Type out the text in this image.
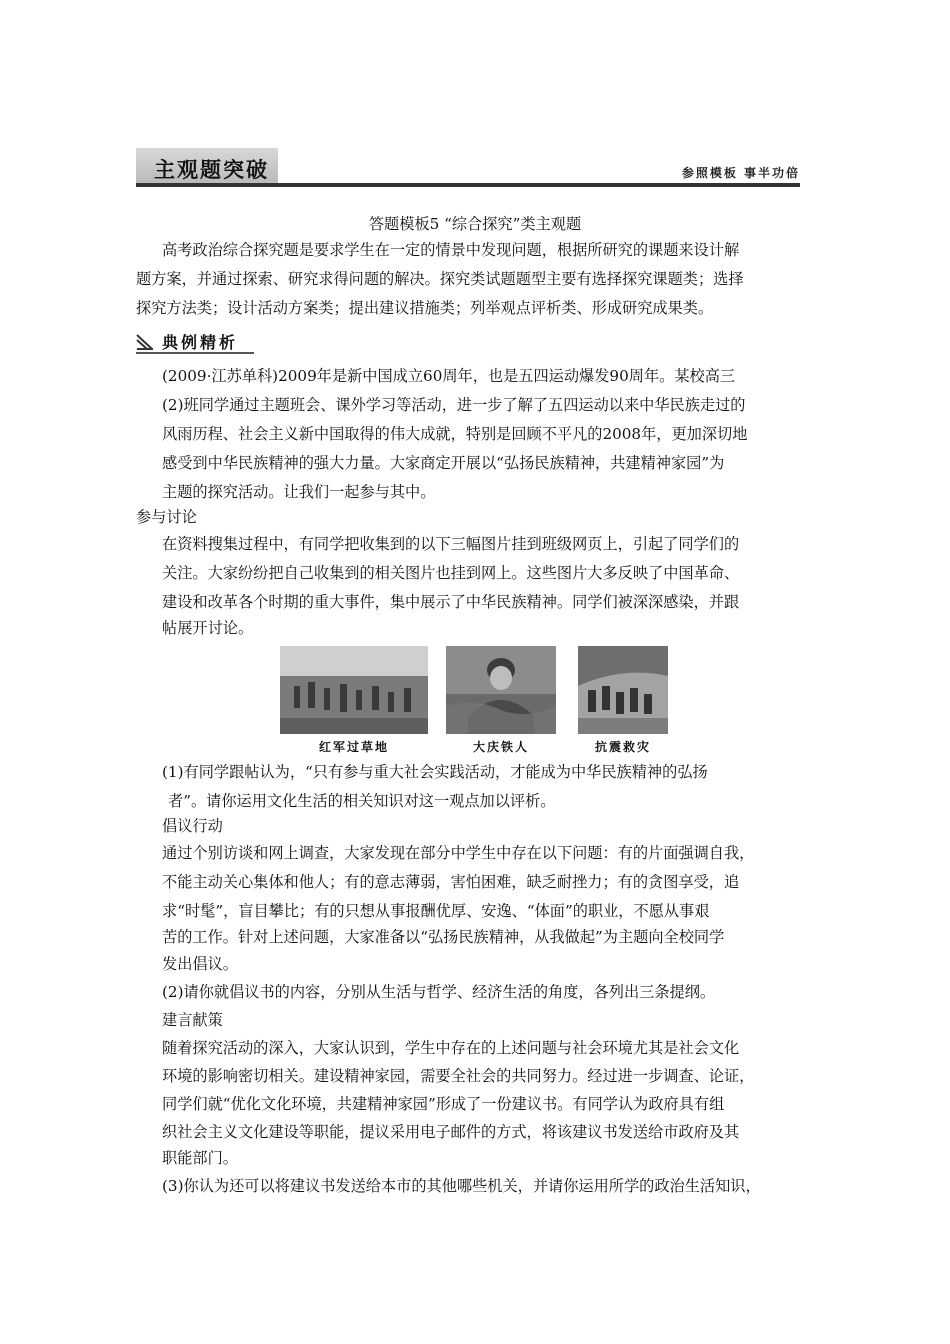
主观题突破	参照模板 事半功倍

答题模板5 “综合探究”类主观题

高考政治综合探究题是要求学生在一定的情景中发现问题，根据所研究的课题来设计解

题方案，并通过探索、研究求得问题的解决。探究类试题题型主要有选择探究课题类；选择

探究方法类；设计活动方案类；提出建议措施类；列举观点评析类、形成研究成果类。

典例精析

(2009·江苏单科)2009年是新中国成立60周年，也是五四运动爆发90周年。某校高三

(2)班同学通过主题班会、课外学习等活动，进一步了解了五四运动以来中华民族走过的

风雨历程、社会主义新中国取得的伟大成就，特别是回顾不平凡的2008年，更加深切地

感受到中华民族精神的强大力量。大家商定开展以“弘扬民族精神，共建精神家园”为

主题的探究活动。让我们一起参与其中。

参与讨论

在资料搜集过程中，有同学把收集到的以下三幅图片挂到班级网页上，引起了同学们的

关注。大家纷纷把自己收集到的相关图片也挂到网上。这些图片大多反映了中国革命、

建设和改革各个时期的重大事件，集中展示了中华民族精神。同学们被深深感染，并跟

帖展开讨论。

红军过草地	大庆铁人	抗震救灾

(1)有同学跟帖认为，“只有参与重大社会实践活动，才能成为中华民族精神的弘扬

者”。请你运用文化生活的相关知识对这一观点加以评析。

倡议行动

通过个别访谈和网上调查，大家发现在部分中学生中存在以下问题：有的片面强调自我，

不能主动关心集体和他人；有的意志薄弱，害怕困难，缺乏耐挫力；有的贪图享受，追

求“时髦”，盲目攀比；有的只想从事报酬优厚、安逸、“体面”的职业，不愿从事艰

苦的工作。针对上述问题，大家准备以“弘扬民族精神，从我做起”为主题向全校同学

发出倡议。

(2)请你就倡议书的内容，分别从生活与哲学、经济生活的角度，各列出三条提纲。

建言献策

随着探究活动的深入，大家认识到，学生中存在的上述问题与社会环境尤其是社会文化

环境的影响密切相关。建设精神家园，需要全社会的共同努力。经过进一步调查、论证，

同学们就“优化文化环境，共建精神家园”形成了一份建议书。有同学认为政府具有组

织社会主义文化建设等职能，提议采用电子邮件的方式，将该建议书发送给市政府及其

职能部门。

(3)你认为还可以将建议书发送给本市的其他哪些机关，并请你运用所学的政治生活知识，
